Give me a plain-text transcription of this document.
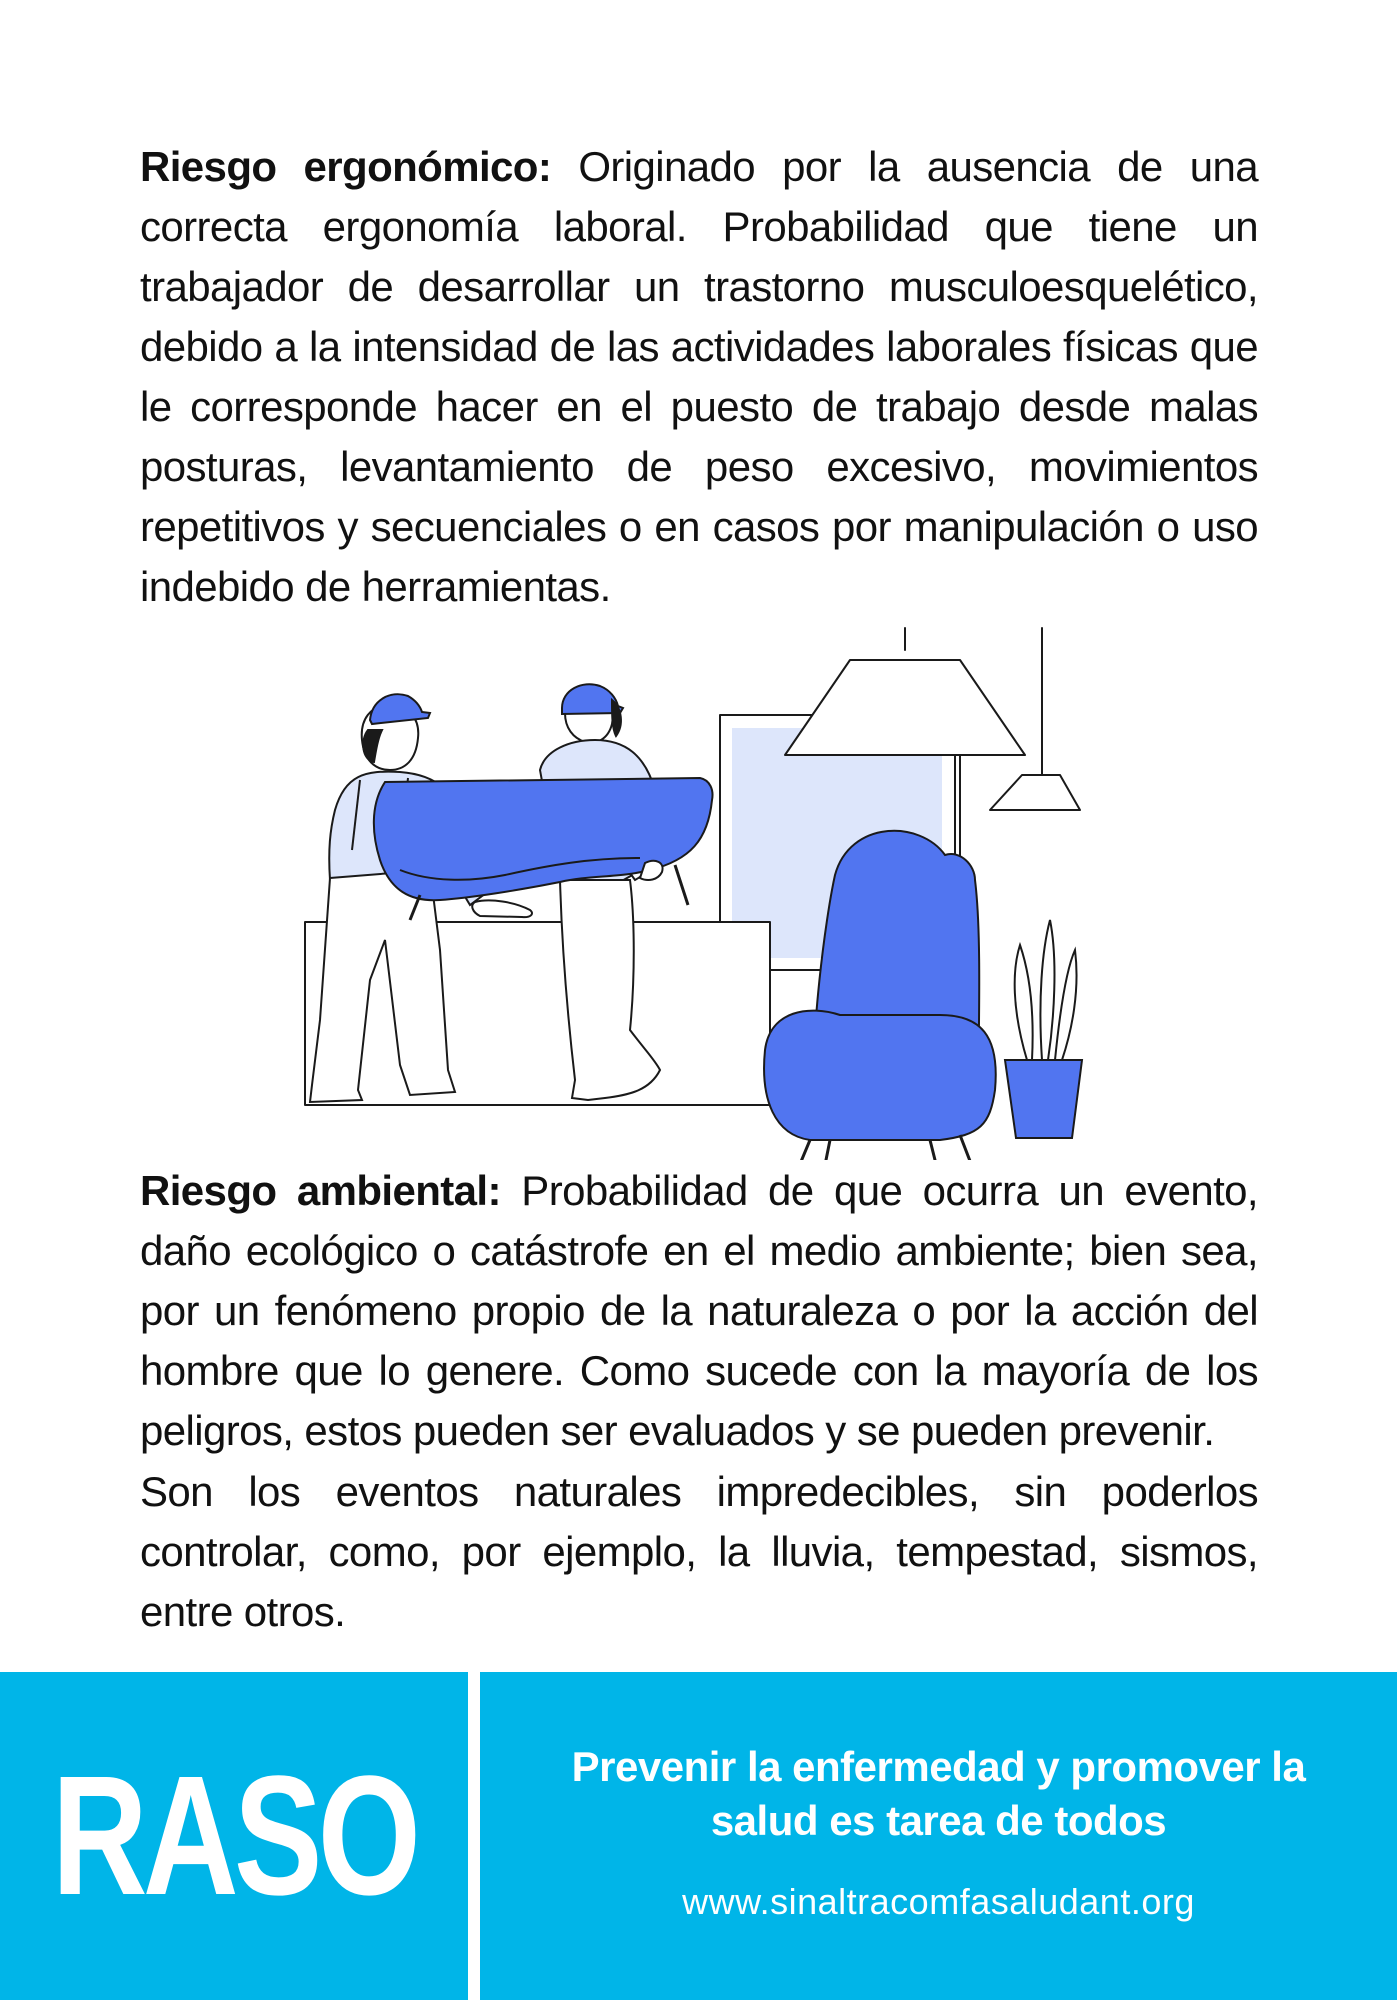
Riesgo ergonómico: Originado por la ausencia de una correcta ergonomía laboral. Probabilidad que tiene un trabajador de desarrollar un trastorno musculoesquelético, debido a la intensidad de las actividades laborales físicas que le corresponde hacer en el puesto de trabajo desde malas posturas, levantamiento de peso excesivo, movimientos repetitivos y secuenciales o en casos por manipulación o uso indebido de herramientas.

Riesgo ambiental: Probabilidad de que ocurra un evento, daño ecológico o catástrofe en el medio ambiente; bien sea, por un fenómeno propio de la naturaleza o por la acción del hombre que lo genere. Como sucede con la mayoría de los peligros, estos pueden ser evaluados y se pueden prevenir.

Son los eventos naturales impredecibles, sin poderlos controlar, como, por ejemplo, la lluvia, tempestad, sismos, entre otros.

RASO	Prevenir la enfermedad y promover la
salud es tarea de todos
www.sinaltracomfasaludant.org
